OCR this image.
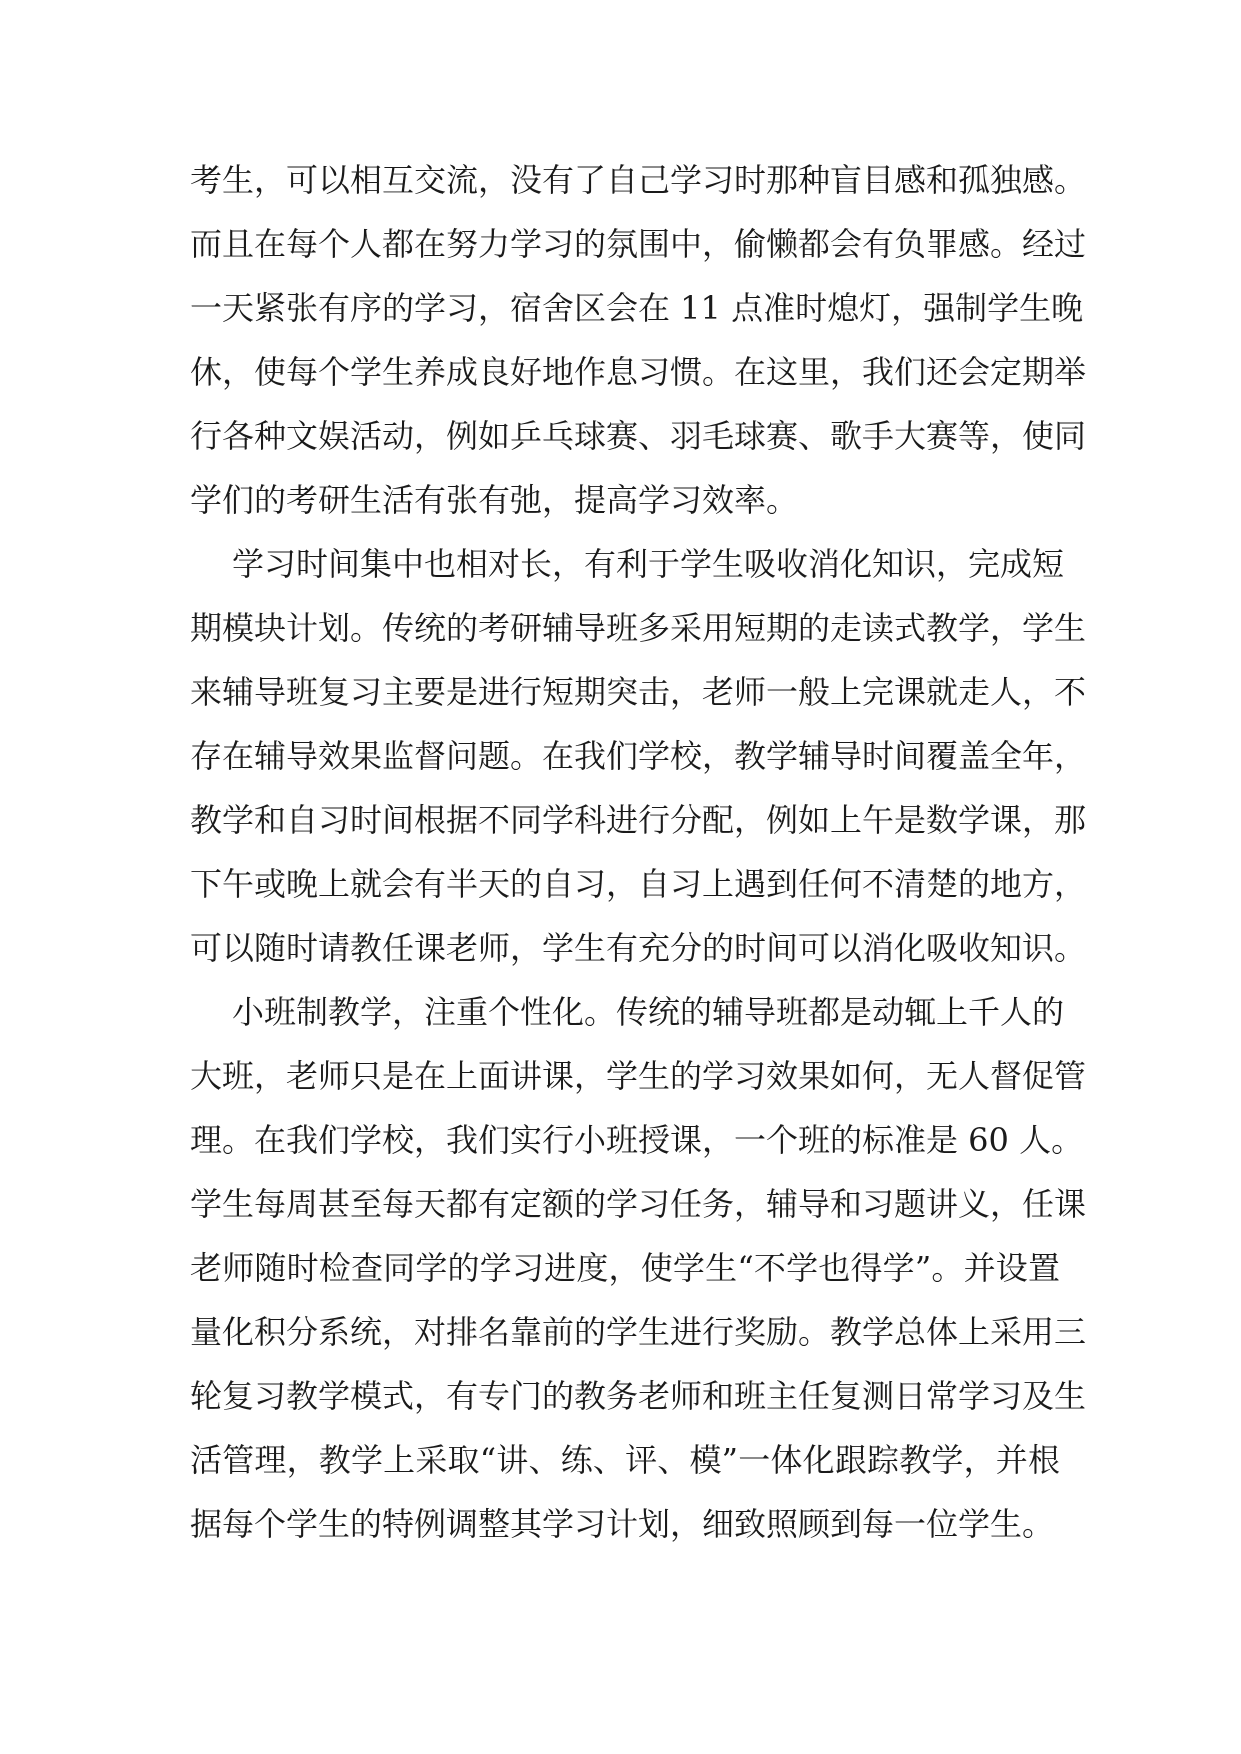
考生，可以相互交流，没有了自己学习时那种盲目感和孤独感。
而且在每个人都在努力学习的氛围中，偷懒都会有负罪感。经过
一天紧张有序的学习，宿舍区会在 11 点准时熄灯，强制学生晚
休，使每个学生养成良好地作息习惯。在这里，我们还会定期举
行各种文娱活动，例如乒乓球赛、羽毛球赛、歌手大赛等，使同
学们的考研生活有张有弛，提高学习效率。
学习时间集中也相对长，有利于学生吸收消化知识，完成短
期模块计划。传统的考研辅导班多采用短期的走读式教学，学生
来辅导班复习主要是进行短期突击，老师一般上完课就走人，不
存在辅导效果监督问题。在我们学校，教学辅导时间覆盖全年，
教学和自习时间根据不同学科进行分配，例如上午是数学课，那
下午或晚上就会有半天的自习，自习上遇到任何不清楚的地方，
可以随时请教任课老师，学生有充分的时间可以消化吸收知识。
小班制教学，注重个性化。传统的辅导班都是动辄上千人的
大班，老师只是在上面讲课，学生的学习效果如何，无人督促管
理。在我们学校，我们实行小班授课，一个班的标准是 60 人。
学生每周甚至每天都有定额的学习任务，辅导和习题讲义，任课
老师随时检查同学的学习进度，使学生“不学也得学”。并设置
量化积分系统，对排名靠前的学生进行奖励。教学总体上采用三
轮复习教学模式，有专门的教务老师和班主任复测日常学习及生
活管理，教学上采取“讲、练、评、模”一体化跟踪教学，并根
据每个学生的特例调整其学习计划，细致照顾到每一位学生。
